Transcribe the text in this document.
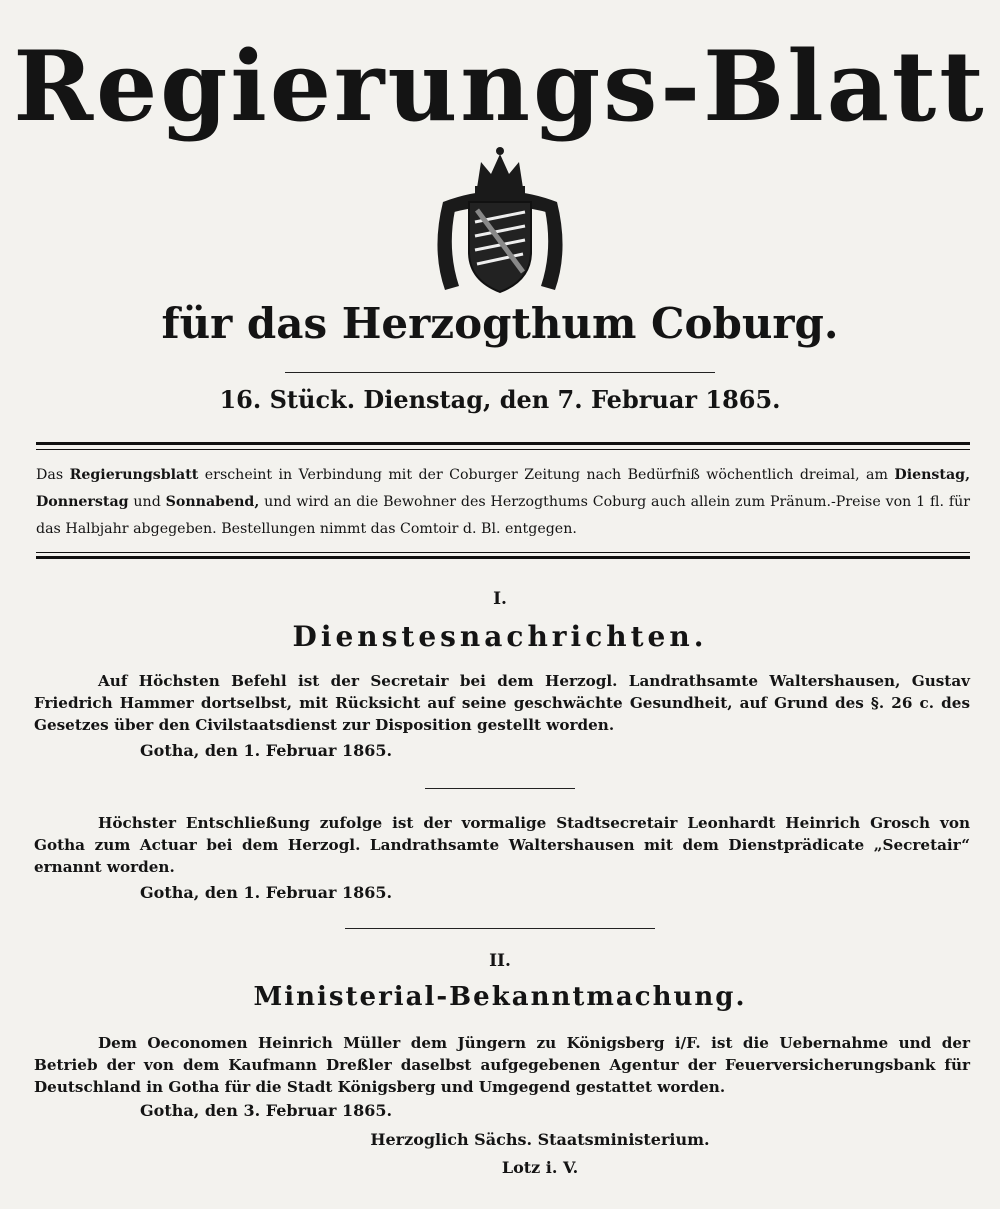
Regierungs-Blatt
für das Herzogthum Coburg.
16. Stück. Dienstag, den 7. Februar 1865.
Das Regierungsblatt erscheint in Verbindung mit der Coburger Zeitung nach Bedürfniß wöchentlich dreimal, am Dienstag, Donnerstag und Sonnabend, und wird an die Bewohner des Herzogthums Coburg auch allein zum Pränum.-Preise von 1 fl. für das Halbjahr abgegeben. Bestellungen nimmt das Comtoir d. Bl. entgegen.
I.
Dienstesnachrichten.
Auf Höchsten Befehl ist der Secretair bei dem Herzogl. Landrathsamte Waltershausen, Gustav Friedrich Hammer dortselbst, mit Rücksicht auf seine geschwächte Gesundheit, auf Grund des §. 26 c. des Gesetzes über den Civilstaatsdienst zur Disposition gestellt worden.
Gotha, den 1. Februar 1865.
Höchster Entschließung zufolge ist der vormalige Stadtsecretair Leonhardt Heinrich Grosch von Gotha zum Actuar bei dem Herzogl. Landrathsamte Waltershausen mit dem Dienstprädicate „Secretair“ ernannt worden.
Gotha, den 1. Februar 1865.
II.
Ministerial-Bekanntmachung.
Dem Oeconomen Heinrich Müller dem Jüngern zu Königsberg i/F. ist die Uebernahme und der Betrieb der von dem Kaufmann Dreßler daselbst aufgegebenen Agentur der Feuerversicherungsbank für Deutschland in Gotha für die Stadt Königsberg und Umgegend gestattet worden.
Gotha, den 3. Februar 1865.
Herzoglich Sächs. Staatsministerium.
Lotz i. V.
